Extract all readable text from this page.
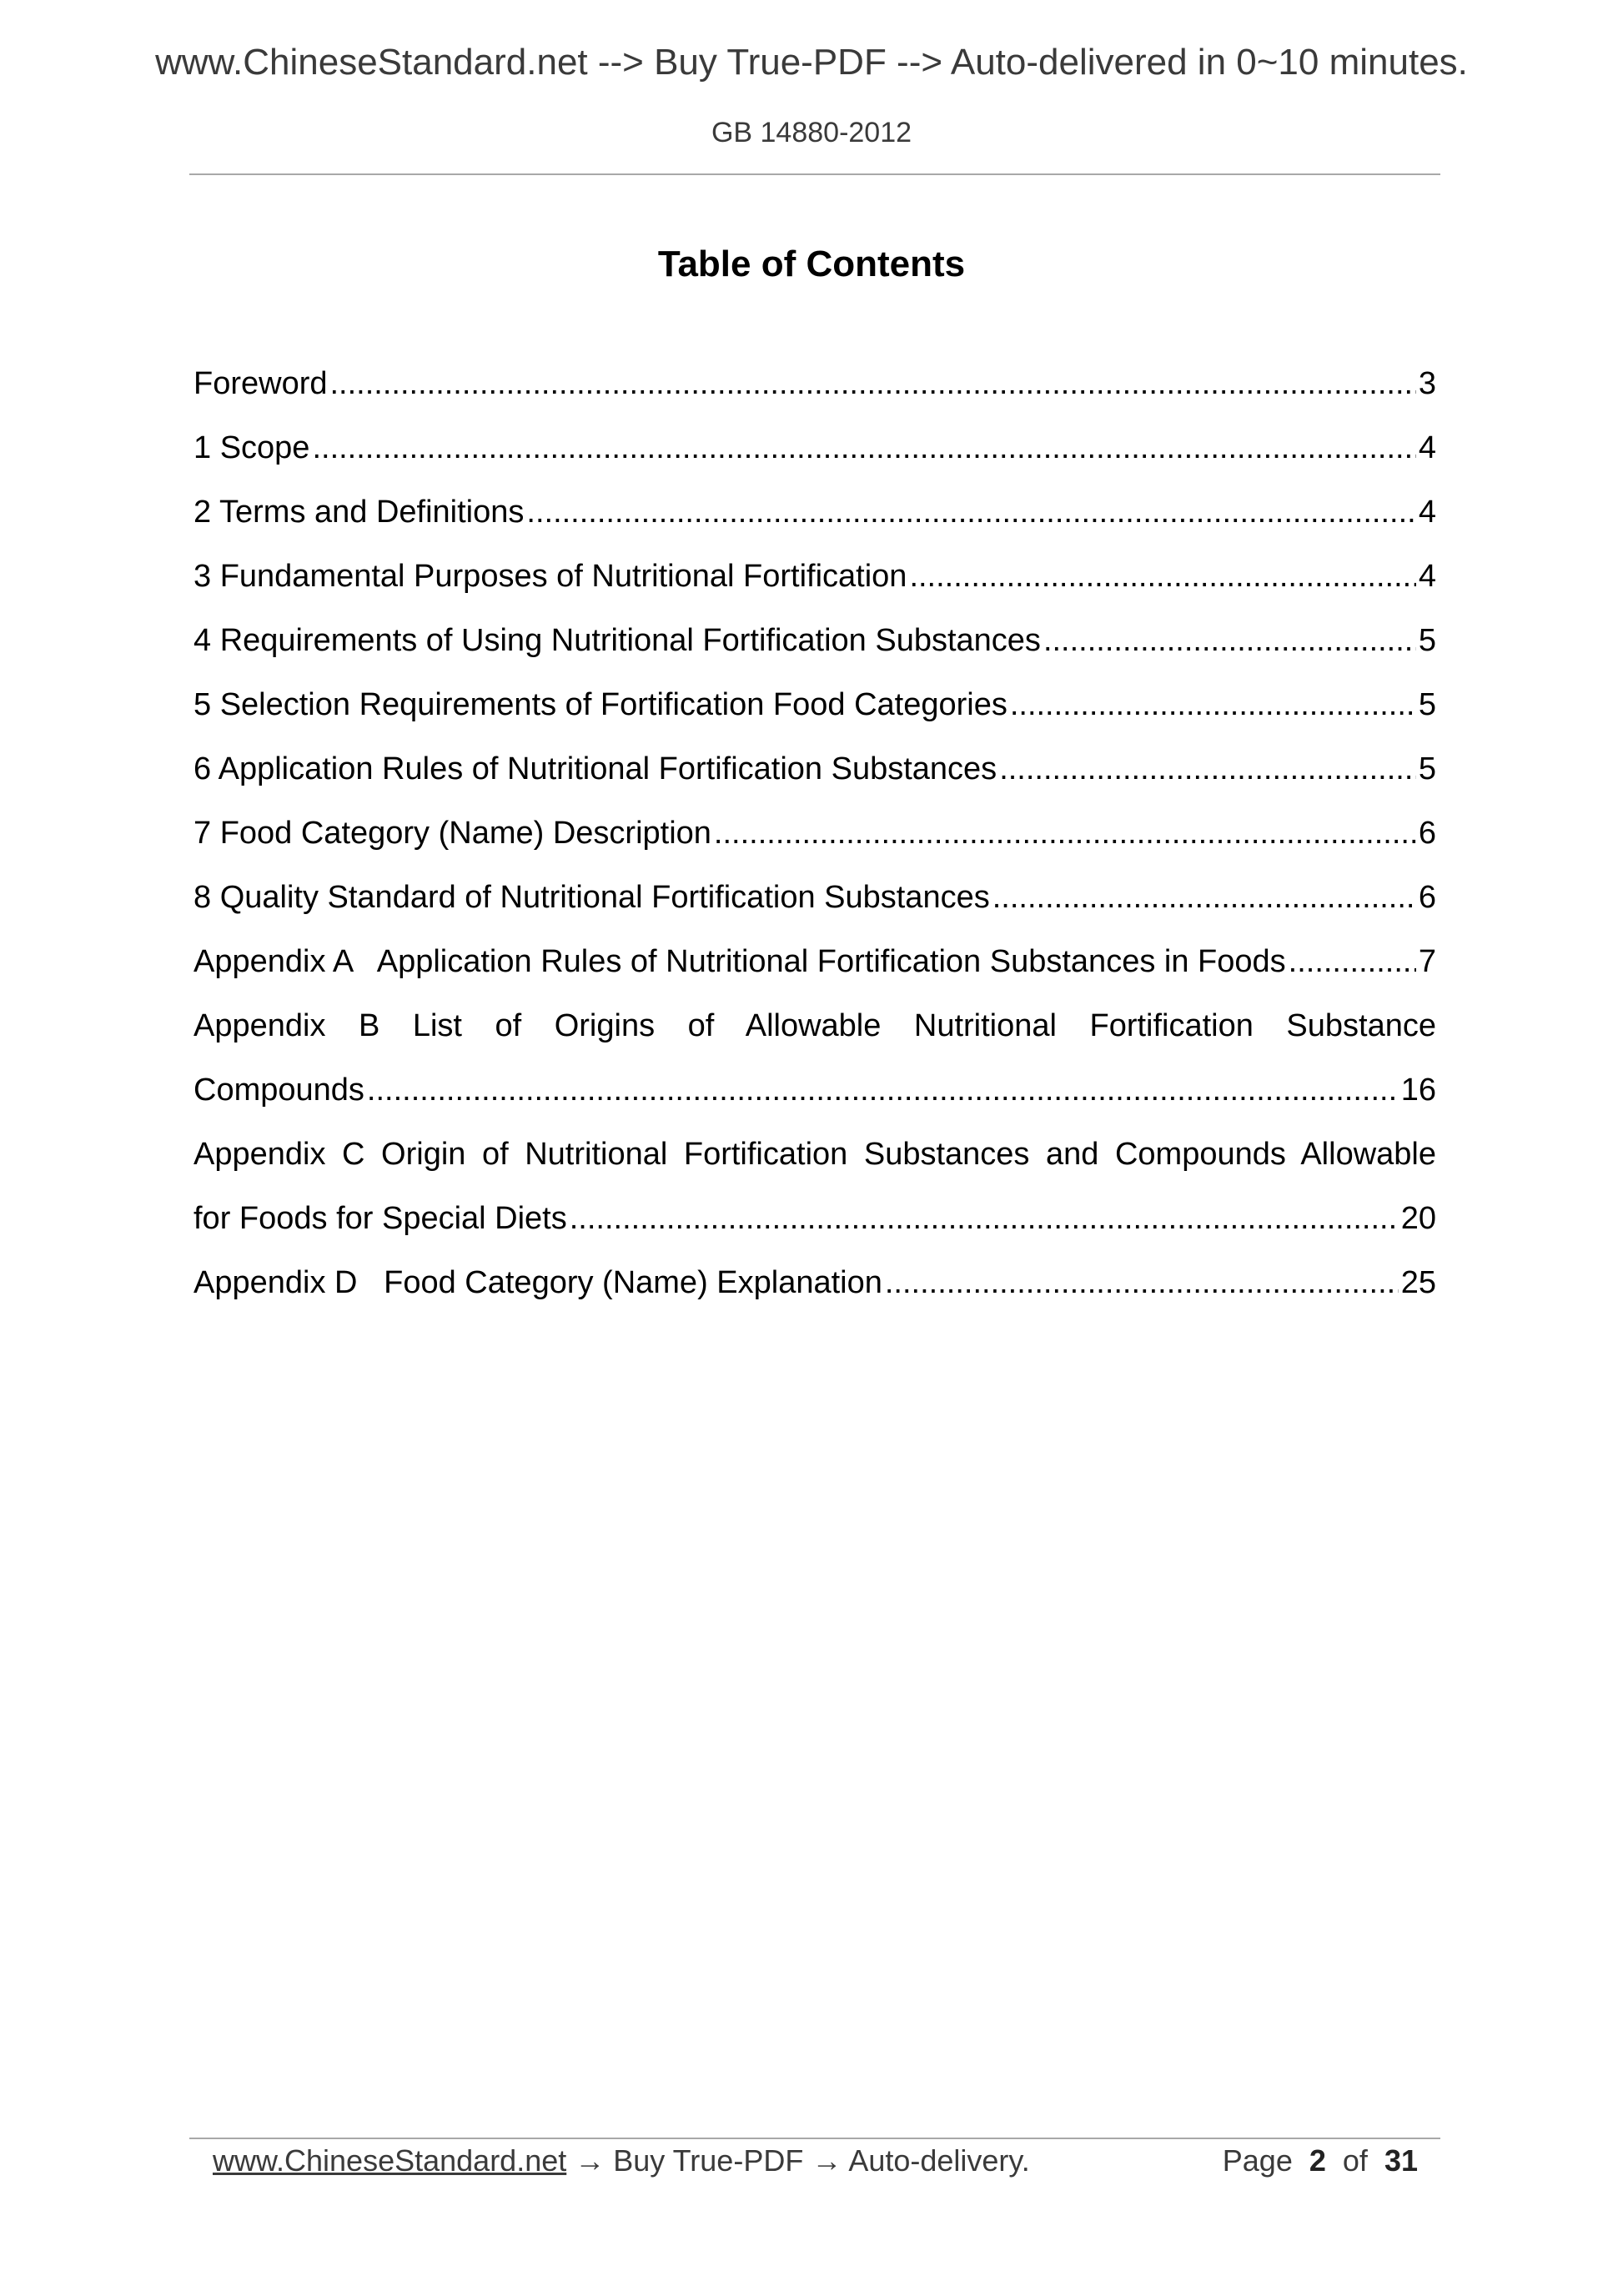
www.ChineseStandard.net --> Buy True-PDF --> Auto-delivered in 0~10 minutes.
GB 14880-2012
Table of Contents
Foreword .....	3
1 Scope .....	4
2 Terms and Definitions .....	4
3 Fundamental Purposes of Nutritional Fortification .....	4
4 Requirements of Using Nutritional Fortification Substances .....	5
5 Selection Requirements of Fortification Food Categories .....	5
6 Application Rules of Nutritional Fortification Substances .....	5
7 Food Category (Name) Description .....	6
8 Quality Standard of Nutritional Fortification Substances .....	6
Appendix A   Application Rules of Nutritional Fortification Substances in Foods .....	7
Appendix B List of Origins of Allowable Nutritional Fortification Substance
Compounds .....	16
Appendix C Origin of Nutritional Fortification Substances and Compounds Allowable
for Foods for Special Diets .....	20
Appendix D   Food Category (Name) Explanation .....	25
www.ChineseStandard.net → Buy True-PDF → Auto-delivery.	Page 2 of 31
